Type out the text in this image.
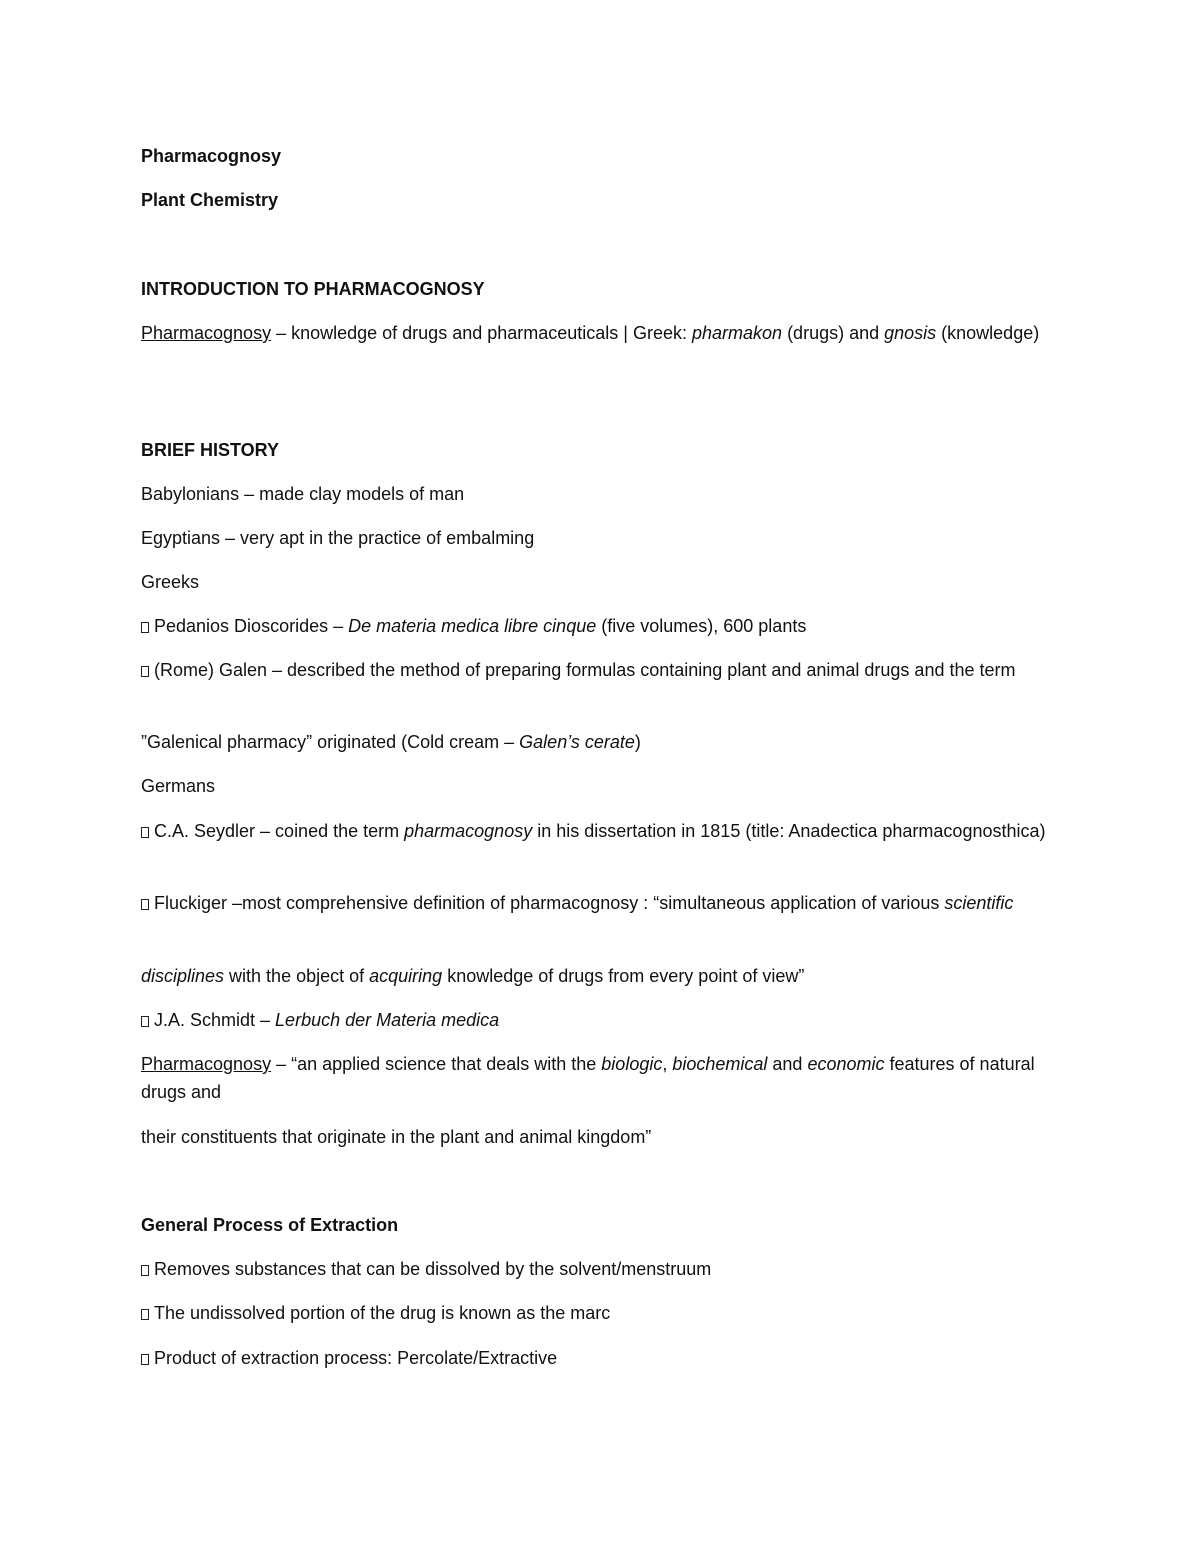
Pharmacognosy
Plant Chemistry
INTRODUCTION TO PHARMACOGNOSY
Pharmacognosy – knowledge of drugs and pharmaceuticals | Greek: pharmakon (drugs) and gnosis (knowledge)
BRIEF HISTORY
Babylonians – made clay models of man
Egyptians – very apt in the practice of embalming
Greeks
Pedanios Dioscorides – De materia medica libre cinque (five volumes), 600 plants
(Rome) Galen – described the method of preparing formulas containing plant and animal drugs and the term
”Galenical pharmacy” originated (Cold cream – Galen’s cerate)
Germans
C.A. Seydler – coined the term pharmacognosy in his dissertation in 1815 (title: Anadectica pharmacognosthica)
Fluckiger –most comprehensive definition of pharmacognosy : “simultaneous application of various scientific
disciplines with the object of acquiring knowledge of drugs from every point of view”
J.A. Schmidt – Lerbuch der Materia medica
Pharmacognosy – “an applied science that deals with the biologic, biochemical and economic features of natural drugs and
their constituents that originate in the plant and animal kingdom”
General Process of Extraction
Removes substances that can be dissolved by the solvent/menstruum
The undissolved portion of the drug is known as the marc
Product of extraction process: Percolate/Extractive
